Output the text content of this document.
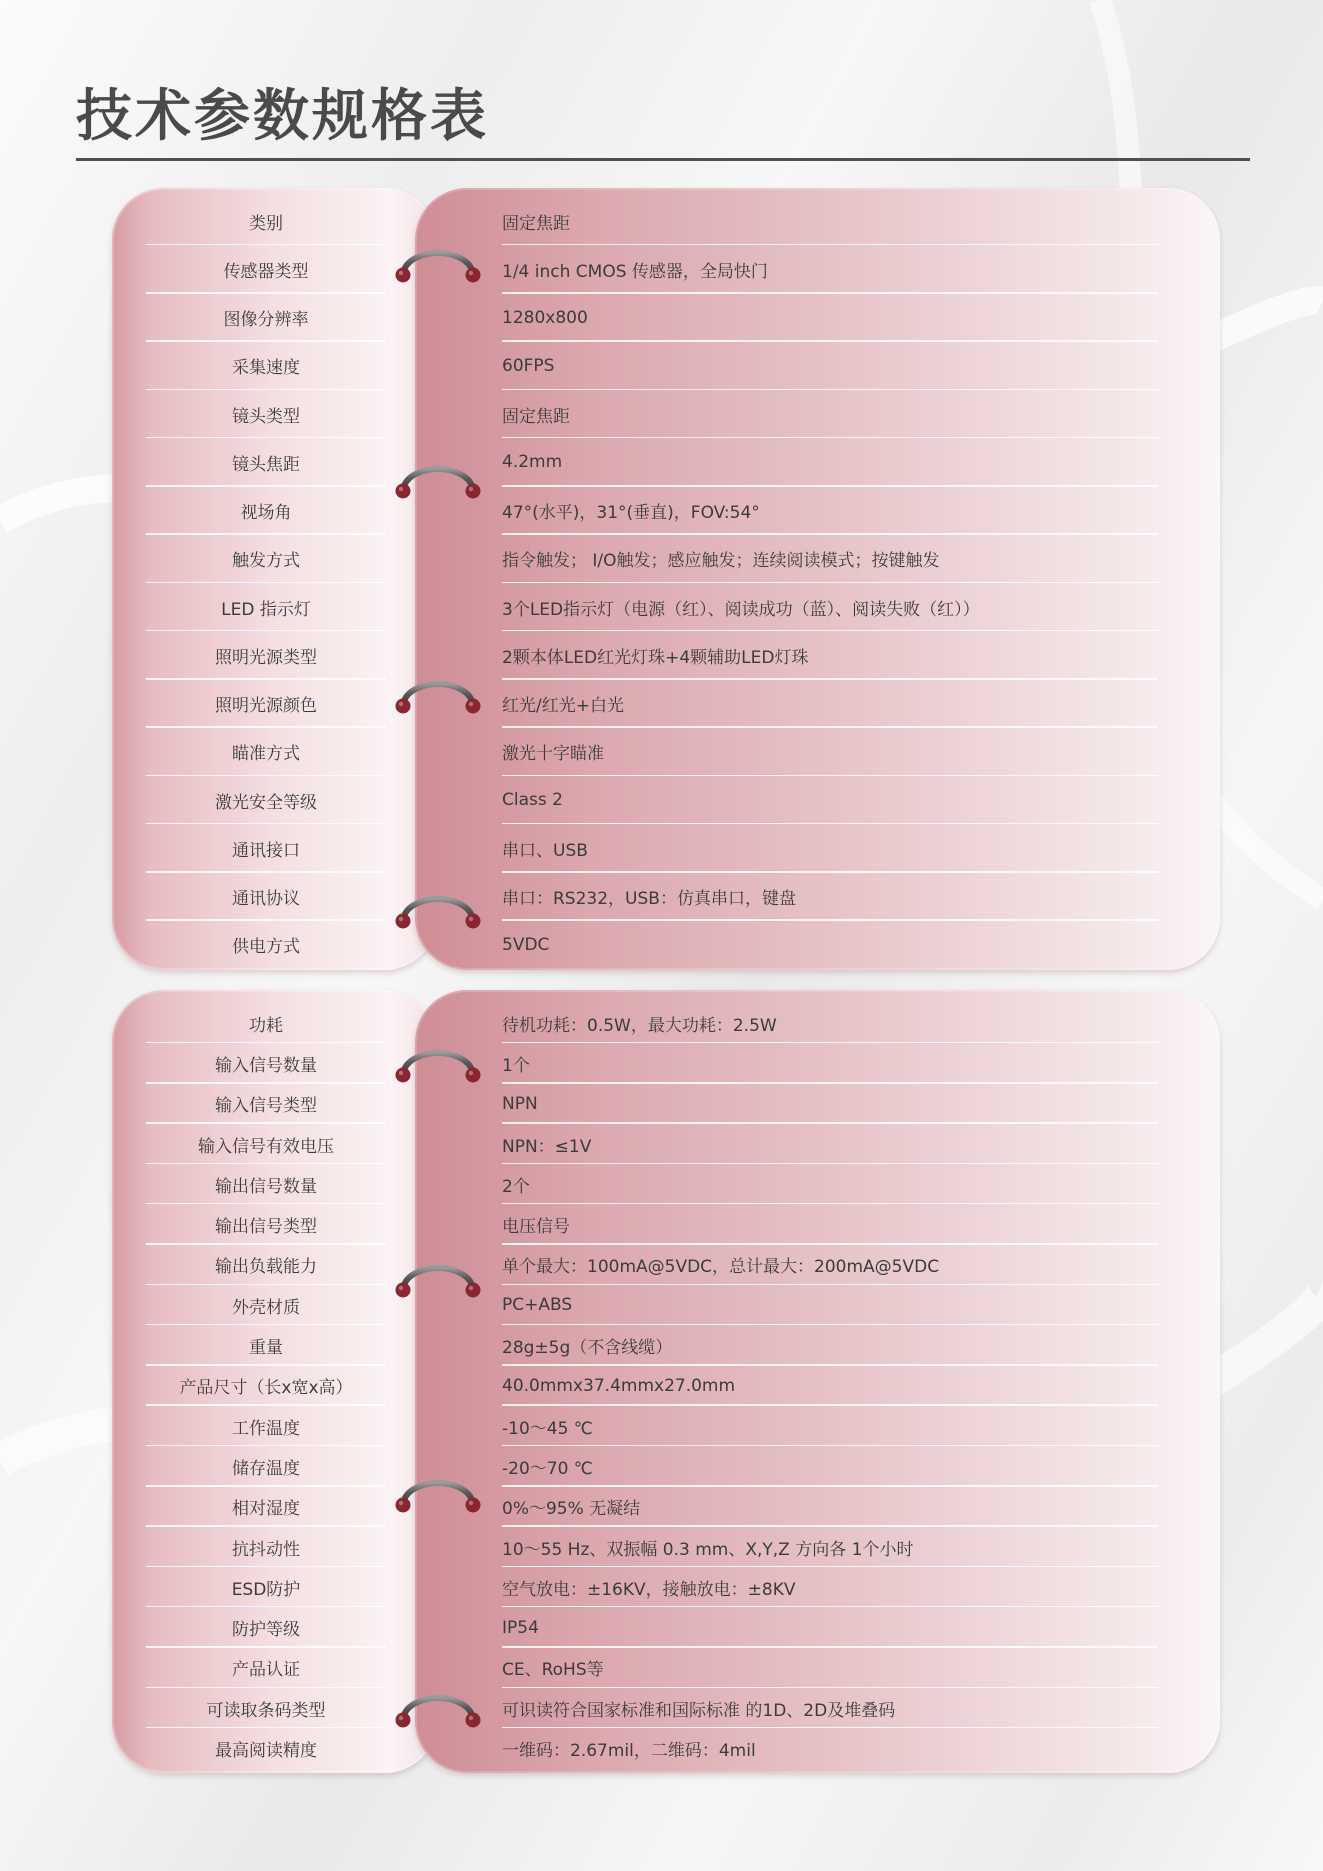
技术参数规格表
类别	固定焦距
传感器类型	1/4 inch CMOS 传感器，全局快门
图像分辨率	1280x800
采集速度	60FPS
镜头类型	固定焦距
镜头焦距	4.2mm
视场角	47°(水平)，31°(垂直)，FOV:54°
触发方式	指令触发； I/O触发；感应触发；连续阅读模式；按键触发
LED 指示灯	3个LED指示灯（电源（红）、阅读成功（蓝）、阅读失败（红））
照明光源类型	2颗本体LED红光灯珠+4颗辅助LED灯珠
照明光源颜色	红光/红光+白光
瞄准方式	激光十字瞄准
激光安全等级	Class 2
通讯接口	串口、USB
通讯协议	串口：RS232，USB：仿真串口，键盘
供电方式	5VDC
功耗	待机功耗：0.5W，最大功耗：2.5W
输入信号数量	1个
输入信号类型	NPN
输入信号有效电压	NPN：≤1V
输出信号数量	2个
输出信号类型	电压信号
输出负载能力	单个最大：100mA@5VDC，总计最大：200mA@5VDC
外壳材质	PC+ABS
重量	28g±5g（不含线缆）
产品尺寸（长x宽x高）	40.0mmx37.4mmx27.0mm
工作温度	-10～45 ℃
储存温度	-20～70 ℃
相对湿度	0%～95% 无凝结
抗抖动性	10～55 Hz、双振幅 0.3 mm、X,Y,Z 方向各 1个小时
ESD防护	空气放电：±16KV，接触放电：±8KV
防护等级	IP54
产品认证	CE、RoHS等
可读取条码类型	可识读符合国家标准和国际标准 的1D、2D及堆叠码
最高阅读精度	一维码：2.67mil，二维码：4mil
